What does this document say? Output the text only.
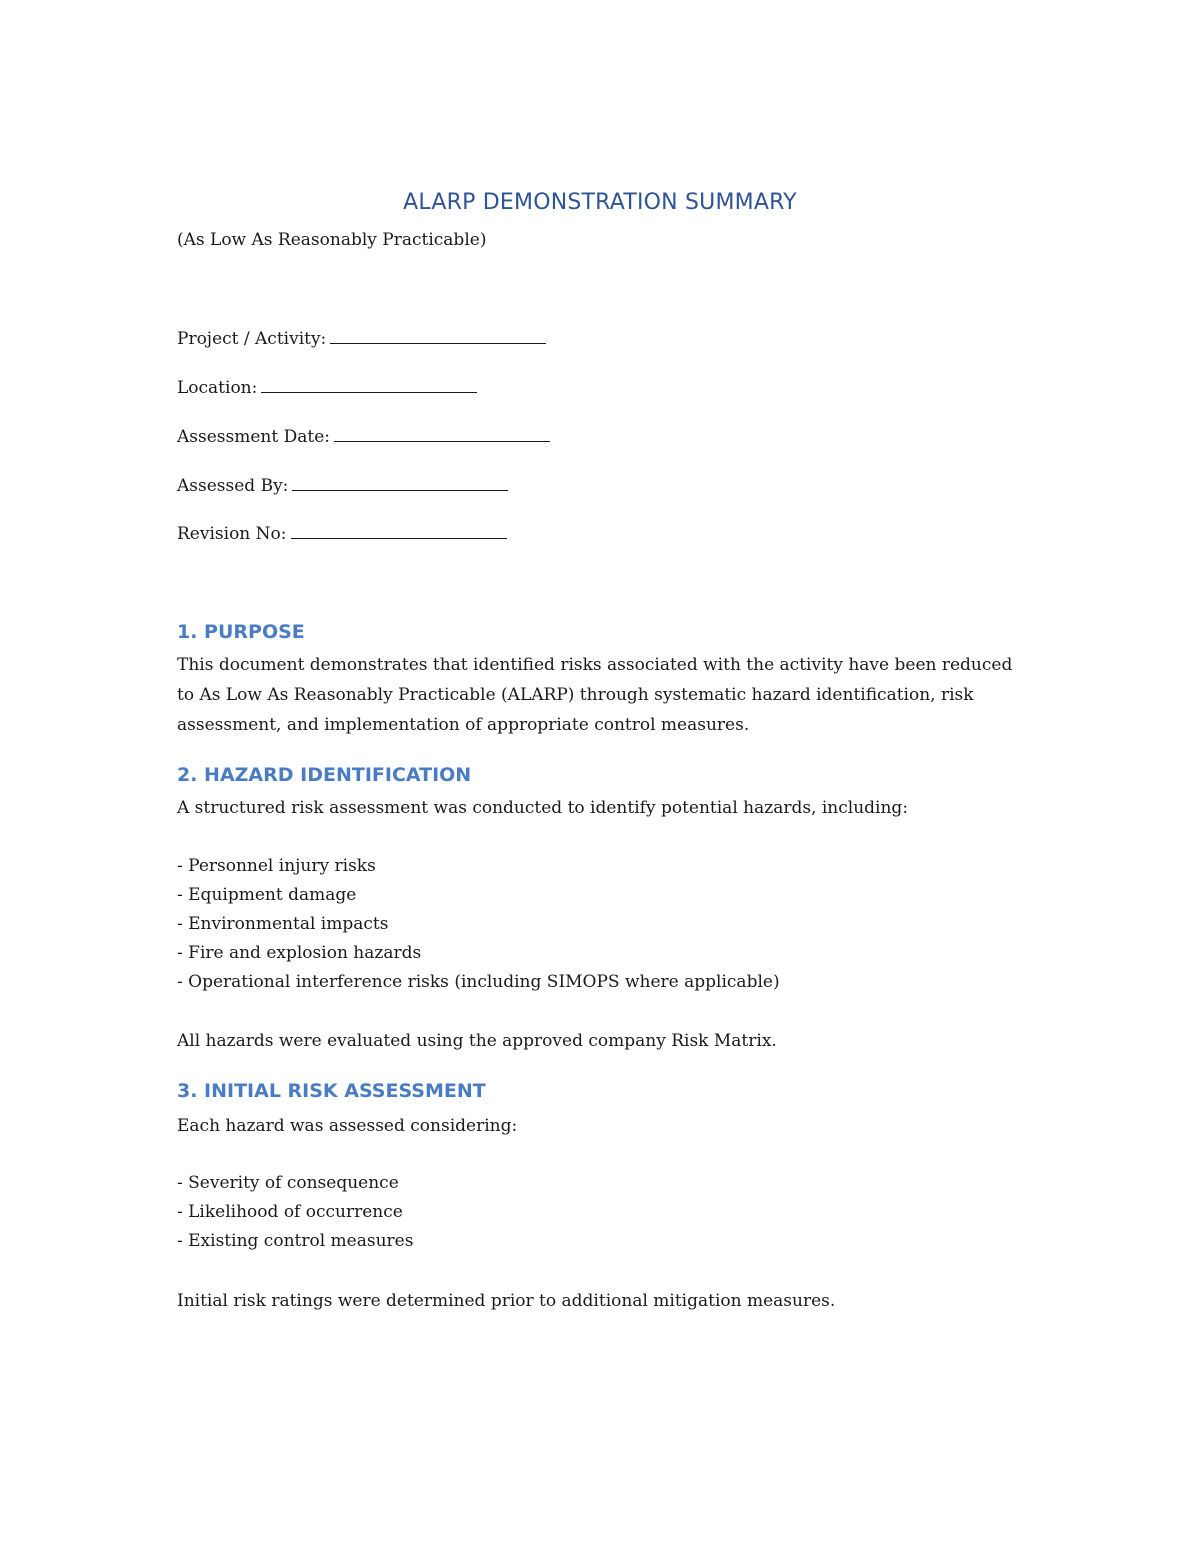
ALARP DEMONSTRATION SUMMARY

(As Low As Reasonably Practicable)

Project / Activity:
Location:
Assessment Date:
Assessed By:
Revision No:
1. PURPOSE

This document demonstrates that identified risks associated with the activity have been reduced to As Low As Reasonably Practicable (ALARP) through systematic hazard identification, risk assessment, and implementation of appropriate control measures.

2. HAZARD IDENTIFICATION

A structured risk assessment was conducted to identify potential hazards, including:

- Personnel injury risks
- Equipment damage
- Environmental impacts
- Fire and explosion hazards
- Operational interference risks (including SIMOPS where applicable)

All hazards were evaluated using the approved company Risk Matrix.

3. INITIAL RISK ASSESSMENT

Each hazard was assessed considering:

- Severity of consequence
- Likelihood of occurrence
- Existing control measures

Initial risk ratings were determined prior to additional mitigation measures.
